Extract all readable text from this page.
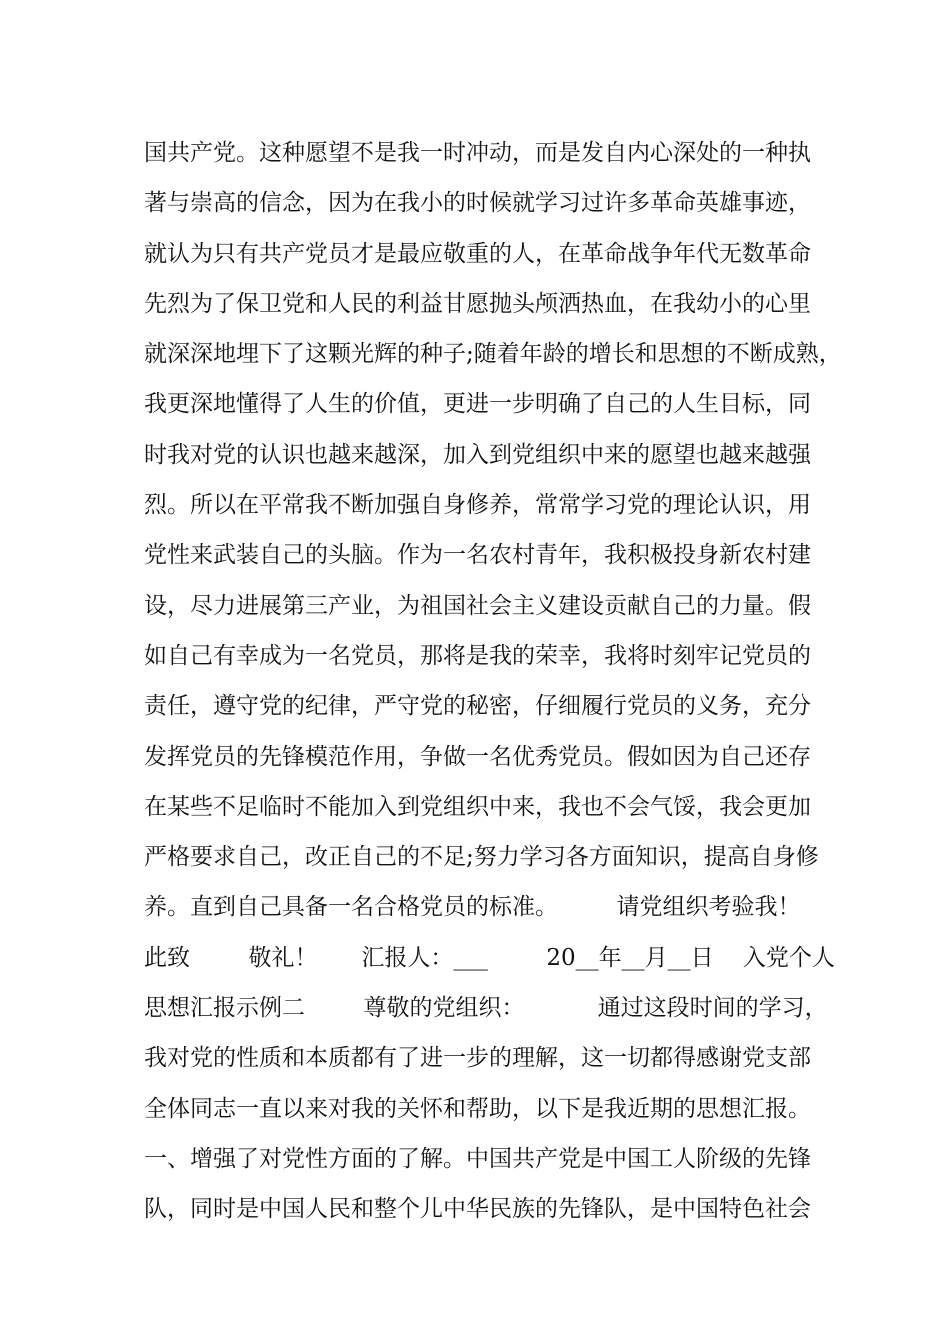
国共产党。这种愿望不是我一时冲动，而是发自内心深处的一种执
著与崇高的信念，因为在我小的时候就学习过许多革命英雄事迹，
就认为只有共产党员才是最应敬重的人，在革命战争年代无数革命
先烈为了保卫党和人民的利益甘愿抛头颅洒热血，在我幼小的心里
就深深地埋下了这颗光辉的种子;随着年龄的增长和思想的不断成熟，
我更深地懂得了人生的价值，更进一步明确了自己的人生目标，同
时我对党的认识也越来越深，加入到党组织中来的愿望也越来越强
烈。所以在平常我不断加强自身修养，常常学习党的理论认识，用
党性来武装自己的头脑。作为一名农村青年，我积极投身新农村建
设，尽力进展第三产业，为祖国社会主义建设贡献自己的力量。假
如自己有幸成为一名党员，那将是我的荣幸，我将时刻牢记党员的
责任，遵守党的纪律，严守党的秘密，仔细履行党员的义务，充分
发挥党员的先锋模范作用，争做一名优秀党员。假如因为自己还存
在某些不足临时不能加入到党组织中来，我也不会气馁，我会更加
严格要求自己，改正自己的不足;努力学习各方面知识，提高自身修
养。直到自己具备一名合格党员的标准。        请党组织考验我！
此致        敬礼！      汇报人：___        20__年__月__日    入党个人
思想汇报示例二        尊敬的党组织：          通过这段时间的学习，
我对党的性质和本质都有了进一步的理解，这一切都得感谢党支部
全体同志一直以来对我的关怀和帮助，以下是我近期的思想汇报。
一、增强了对党性方面的了解。中国共产党是中国工人阶级的先锋
队，同时是中国人民和整个儿中华民族的先锋队，是中国特色社会
